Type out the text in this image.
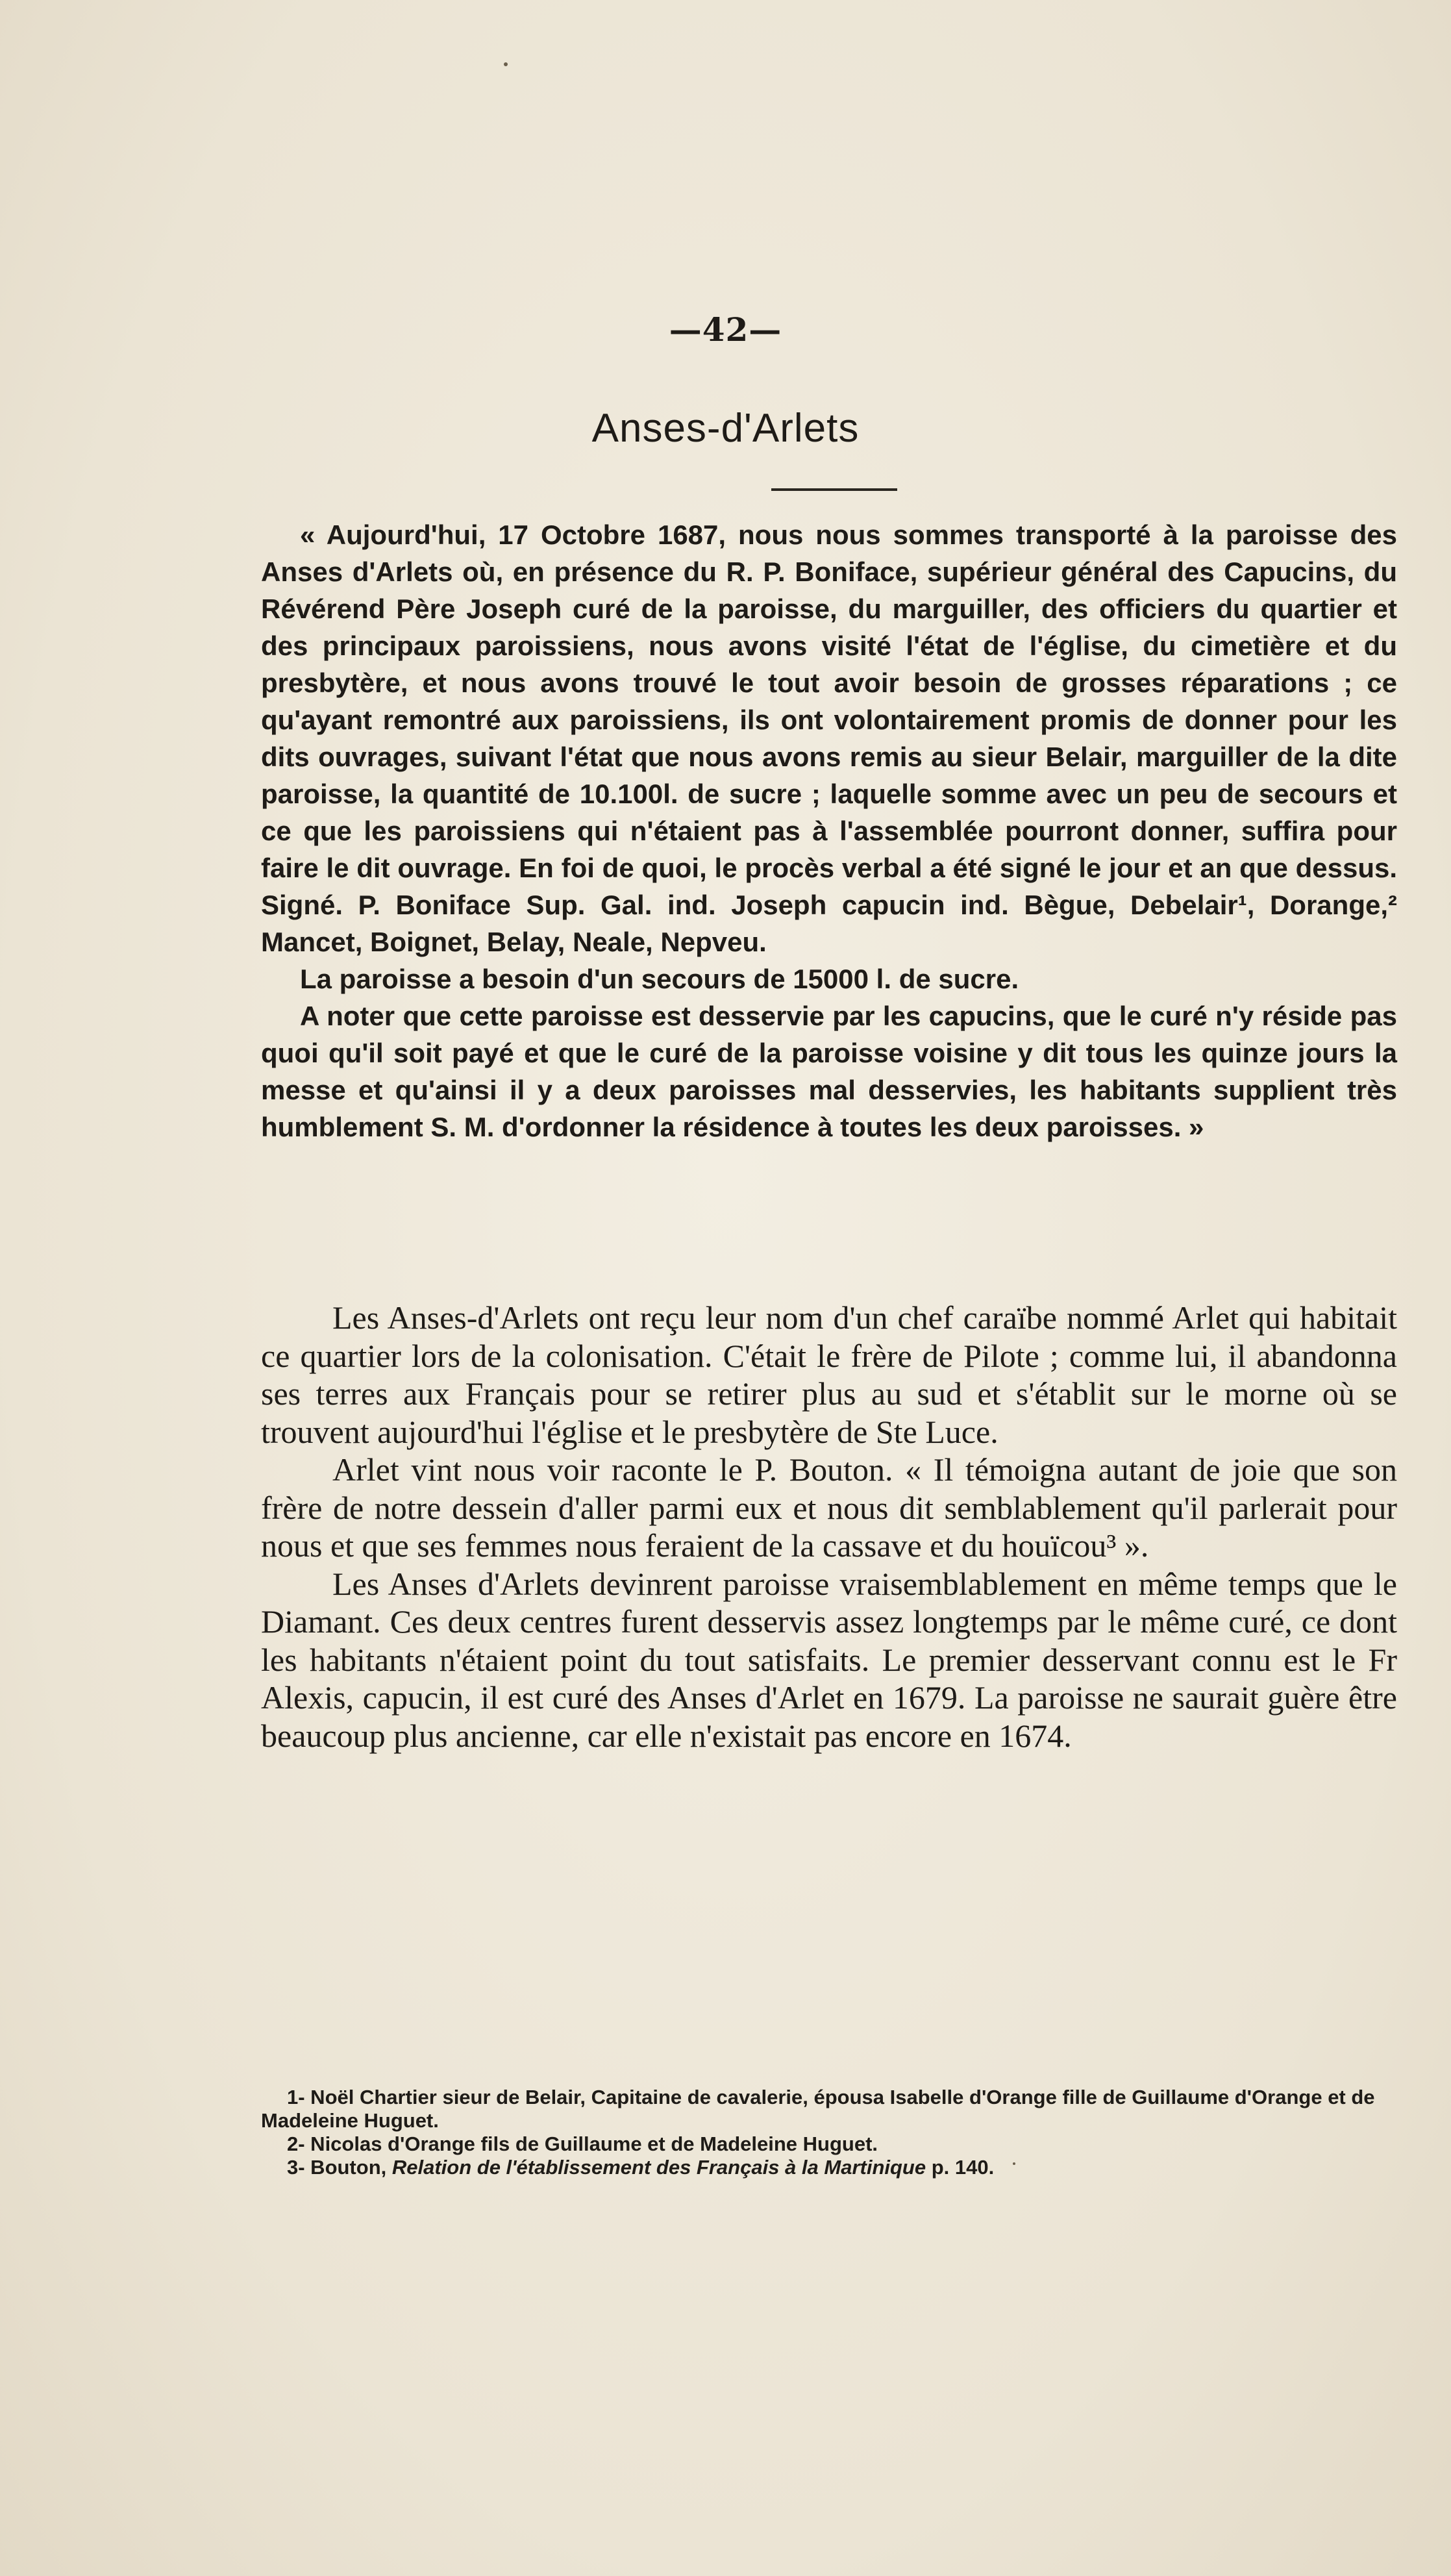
—42—
Anses-d'Arlets

« Aujourd'hui, 17 Octobre 1687, nous nous sommes transporté à la paroisse des Anses d'Arlets où, en présence du R. P. Boniface, supérieur général des Capucins, du Révérend Père Joseph curé de la paroisse, du marguiller, des officiers du quartier et des principaux paroissiens, nous avons visité l'état de l'église, du cimetière et du presbytère, et nous avons trouvé le tout avoir besoin de grosses réparations ; ce qu'ayant remontré aux paroissiens, ils ont volontairement promis de donner pour les dits ouvrages, suivant l'état que nous avons remis au sieur Belair, marguiller de la dite paroisse, la quantité de 10.100l. de sucre ; laquelle somme avec un peu de secours et ce que les paroissiens qui n'étaient pas à l'assemblée pourront donner, suffira pour faire le dit ouvrage. En foi de quoi, le procès verbal a été signé le jour et an que dessus. Signé. P. Boniface Sup. Gal. ind. Joseph capucin ind. Bègue, Debelair¹, Dorange,² Mancet, Boignet, Belay, Neale, Nepveu.

La paroisse a besoin d'un secours de 15000 l. de sucre.

A noter que cette paroisse est desservie par les capucins, que le curé n'y réside pas quoi qu'il soit payé et que le curé de la paroisse voisine y dit tous les quinze jours la messe et qu'ainsi il y a deux paroisses mal desservies, les habitants supplient très humblement S. M. d'ordonner la résidence à toutes les deux paroisses. »

Les Anses-d'Arlets ont reçu leur nom d'un chef caraïbe nommé Arlet qui habitait ce quartier lors de la colonisation. C'était le frère de Pilote ; comme lui, il abandonna ses terres aux Français pour se retirer plus au sud et s'établit sur le morne où se trouvent aujourd'hui l'église et le presbytère de Ste Luce.

Arlet vint nous voir raconte le P. Bouton. « Il témoigna autant de joie que son frère de notre dessein d'aller parmi eux et nous dit semblablement qu'il parlerait pour nous et que ses femmes nous feraient de la cassave et du houïcou³ ».

Les Anses d'Arlets devinrent paroisse vraisemblablement en même temps que le Diamant. Ces deux centres furent desservis assez longtemps par le même curé, ce dont les habitants n'étaient point du tout satisfaits. Le premier desservant connu est le Fr Alexis, capucin, il est curé des Anses d'Arlet en 1679. La paroisse ne saurait guère être beaucoup plus ancienne, car elle n'existait pas encore en 1674.

1- Noël Chartier sieur de Belair, Capitaine de cavalerie, épousa Isabelle d'Orange fille de Guillaume d'Orange et de Madeleine Huguet.

2- Nicolas d'Orange fils de Guillaume et de Madeleine Huguet.

3- Bouton, Relation de l'établissement des Français à la Martinique p. 140.
